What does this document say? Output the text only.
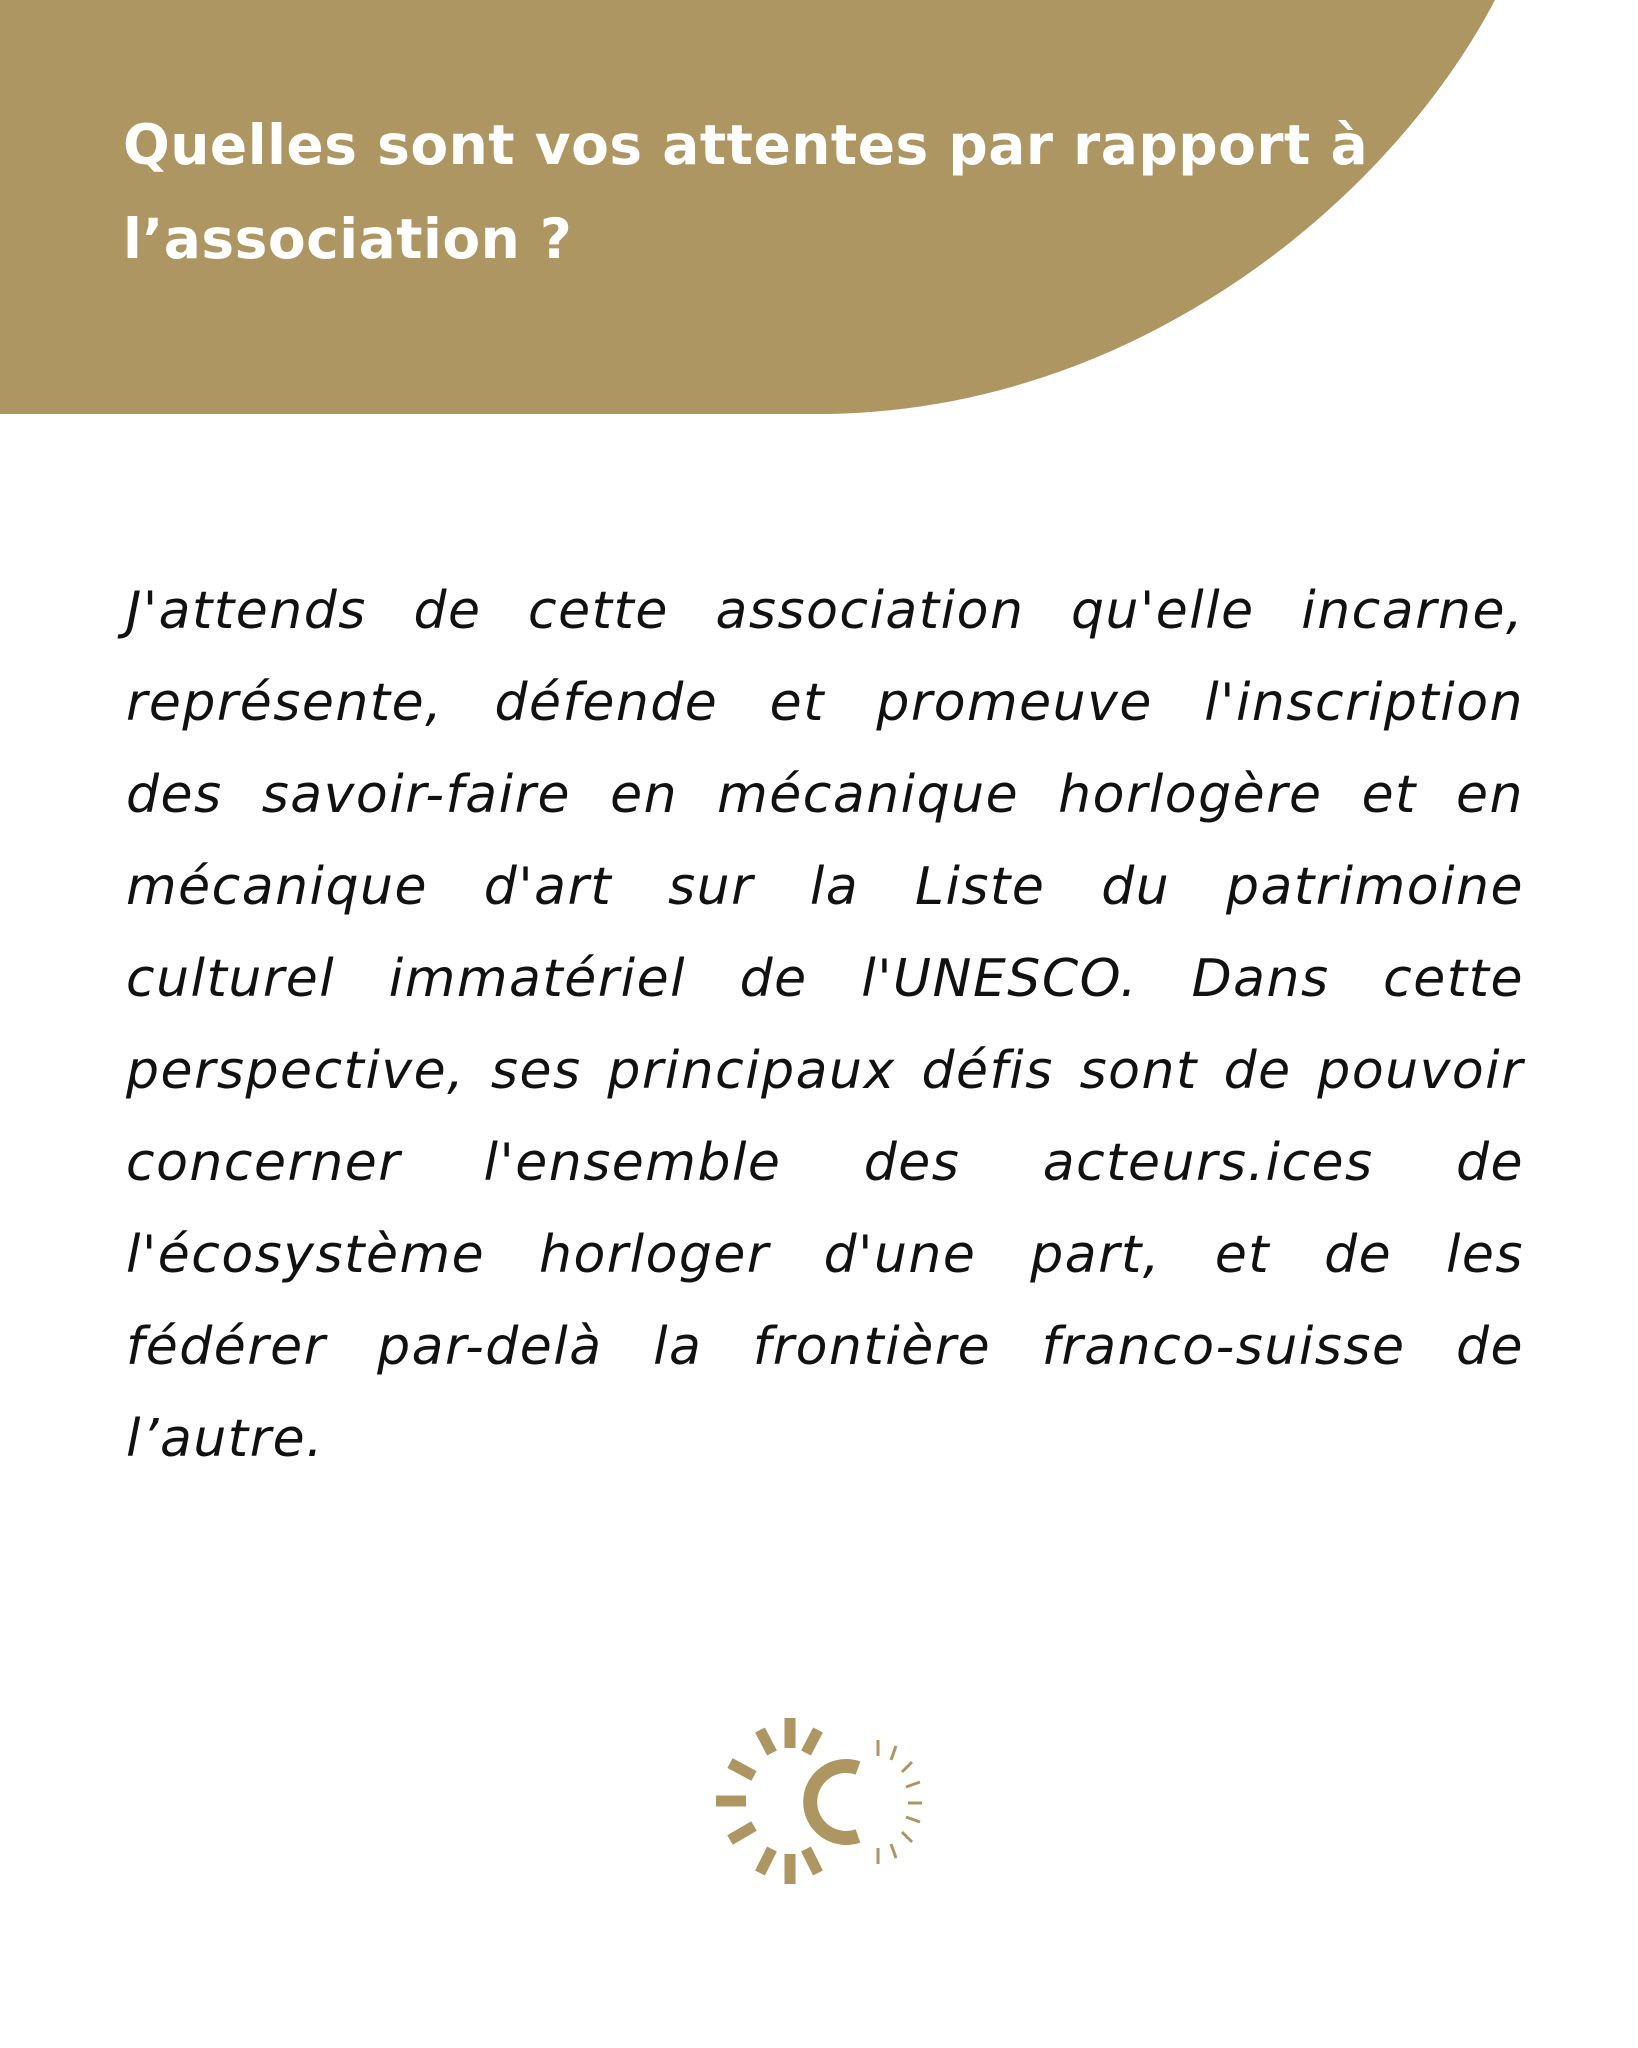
Quelles sont vos attentes par rapport à l’association ?

J'attends de cette association qu'elle incarne, représente, défende et promeuve l'inscription des savoir-faire en mécanique horlogère et en mécanique d'art sur la Liste du patrimoine culturel immatériel de l'UNESCO. Dans cette perspective, ses principaux défis sont de pouvoir concerner l'ensemble des acteurs.ices de l'écosystème horloger d'une part, et de les fédérer par-delà la frontière franco-suisse de l’autre.
